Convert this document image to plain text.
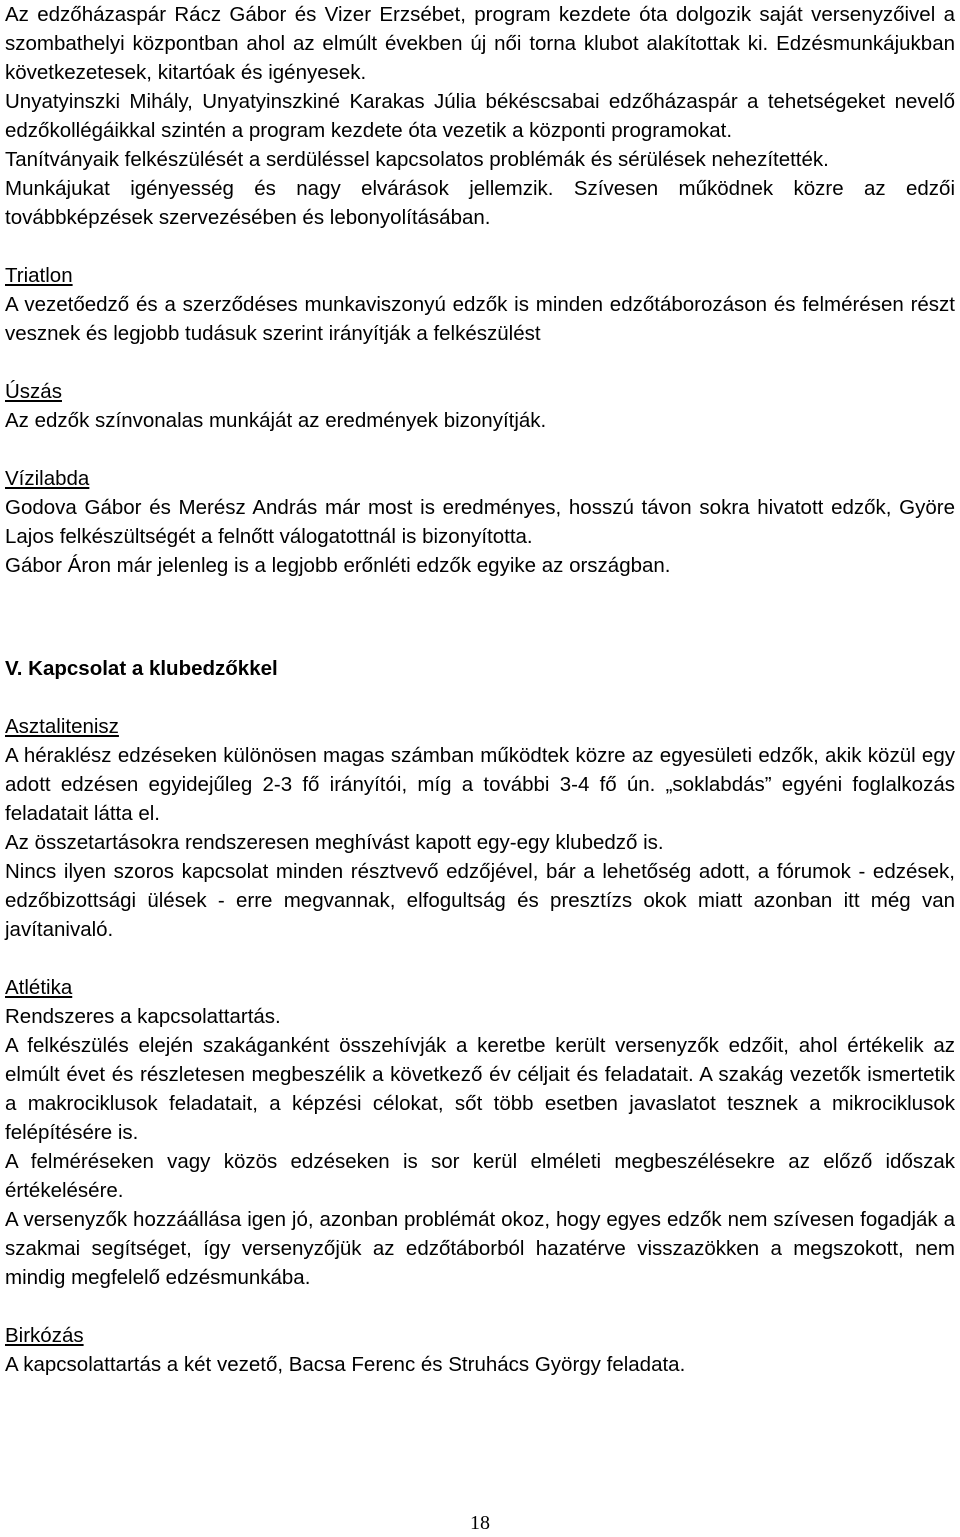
Az edzőházaspár Rácz Gábor és Vizer Erzsébet, program kezdete óta dolgozik saját versenyzőivel a szombathelyi központban ahol az elmúlt években új női torna klubot alakítottak ki. Edzésmunkájukban következetesek, kitartóak és igényesek.

Unyatyinszki Mihály, Unyatyinszkiné Karakas Júlia békéscsabai edzőházaspár a tehetségeket nevelő edzőkollégáikkal szintén a program kezdete óta vezetik a központi programokat.

Tanítványaik felkészülését a serdüléssel kapcsolatos problémák és sérülések nehezítették.

Munkájukat igényesség és nagy elvárások jellemzik. Szívesen működnek közre az edzői továbbképzések szervezésében és lebonyolításában.

Triatlon

A vezetőedző és a szerződéses munkaviszonyú edzők is minden edzőtáborozáson és felmérésen részt vesznek és legjobb tudásuk szerint irányítják a felkészülést

Úszás

Az edzők színvonalas munkáját az eredmények bizonyítják.

Vízilabda

Godova Gábor és Merész András már most is eredményes, hosszú távon sokra hivatott edzők, Györe Lajos felkészültségét a felnőtt válogatottnál is bizonyította.

Gábor Áron már jelenleg is a legjobb erőnléti edzők egyike az országban.

V. Kapcsolat a klubedzőkkel

Asztalitenisz

A héraklész edzéseken különösen magas számban működtek közre az egyesületi edzők, akik közül egy adott edzésen egyidejűleg 2-3 fő irányítói, míg a további 3-4 fő ún. „soklabdás” egyéni foglalkozás feladatait látta el.

Az összetartásokra rendszeresen meghívást kapott egy-egy klubedző is.

Nincs ilyen szoros kapcsolat minden résztvevő edzőjével, bár a lehetőség adott, a fórumok - edzések, edzőbizottsági ülések - erre megvannak, elfogultság és presztízs okok miatt azonban itt még van javítanivaló.

Atlétika

Rendszeres a kapcsolattartás.

A felkészülés elején szakáganként összehívják a keretbe került versenyzők edzőit, ahol értékelik az elmúlt évet és részletesen megbeszélik a következő év céljait és feladatait. A szakág vezetők ismertetik a makrociklusok feladatait, a képzési célokat, sőt több esetben javaslatot tesznek a mikrociklusok felépítésére is.

A felméréseken vagy közös edzéseken is sor kerül elméleti megbeszélésekre az előző időszak értékelésére.

A versenyzők hozzáállása igen jó, azonban problémát okoz, hogy egyes edzők nem szívesen fogadják a szakmai segítséget, így versenyzőjük az edzőtáborból hazatérve visszazökken a megszokott, nem mindig megfelelő edzésmunkába.

Birkózás

A kapcsolattartás a két vezető, Bacsa Ferenc és Struhács György feladata.

18
